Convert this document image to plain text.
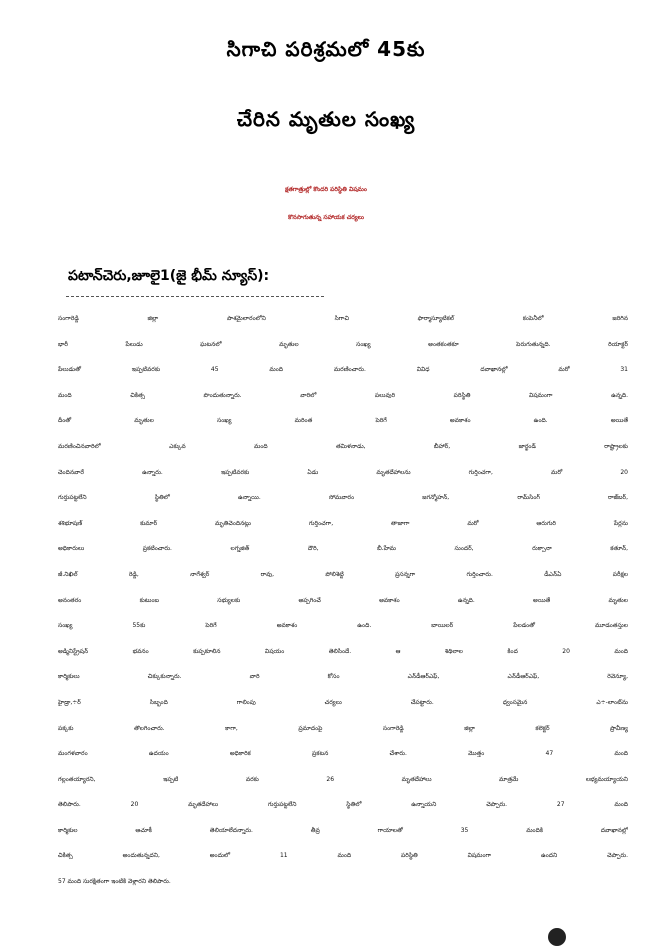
సిగాచి పరిశ్రమలో 45కు
చేరిన మృతుల సంఖ్య
క్షతగాత్రుల్లో కొందరి పరిస్థితి విషమం
కొనసాగుతున్న సహాయక చర్యలు
పటాన్‌చెరు,జూలై1(జై భీమ్ న్యూస్):
సంగారెడ్డి జిల్లా పాశమైలారంలోని సిగాచి ఫార్మాస్యూటికల్ కంపెనీలో జరిగిన
భారీ పేలుడు ఘటనలో మృతుల సంఖ్య అంతకంతకూ పెరుగుతున్నది. రియాక్టర్
పేలుడుతో ఇప్పటివరకు 45 మంది మరణించారు. వివిధ దవాఖానల్లో మరో 31
మంది చికిత్స పొందుతున్నారు. వారిలో పలువురి పరిస్థితి విషమంగా ఉన్నది.
దీంతో మృతుల సంఖ్య మరింత పెరిగే అవకాశం ఉంది. అయితే
మరణించినవారిలో ఎక్కువ మంది తమిళనాడు, బీహార్, జార్ఖండ్ రాష్ట్రాలకు
చెందినవారే ఉన్నారు. ఇప్పటివరకు ఏడు మృతదేహాలను గుర్తించగా, మరో 20
గుర్తుపట్టలేని స్థితిలో ఉన్నాయి. సోమవారం జగన్మోహన్, రామ్‌సింగ్ రాజ్‌బర్,
శశిభూషణ్ కుమార్ మృతిచెందినట్లు గుర్తించగా, తాజాగా మరో ఆరుగురి పేర్లను
అధికారులు ప్రకటించారు. లగ్నజిత్ దౌరి, బీ.హేమ సుందర్, రుక్సానా కతూన్,
జీ.నిఖిల్ రెడ్డి, నాగేశ్వర్ రావు, పోలిశెట్టి ప్రసన్నగా గుర్తించారు. డీఎన్ఏ పరీక్షల
అనంతరం కుటుంబ సభ్యులకు అప్పగించే అవకాశం ఉన్నది. అయితే మృతుల
సంఖ్య 55కు పెరిగే అవకాశం ఉంది. బాయిలర్ పేలడంతో మూడంతస్తుల
అడ్మినిస్ట్రేషన్ భవనం కుప్పకూలిన విషయం తెలిసిందే. ఆ శిథిలాల కింద 20 మంది
కార్మికులు చిక్కుకున్నారు. వారి కోసం ఎన్‌డీఆర్ఎఫ్, ఎన్‌డీఆర్ఎఫ్, రెవెన్యూ,
హైడ్రా,÷ర్ సిబ్బంది గాలింపు చర్యలు చేపట్టారు. ధ్వంసమైన ఎ÷-లాంట్‌ను
పక్కకు తొలగించారు. కాగా, ప్రమాదంపై సంగారెడ్డి జిల్లా కలెక్టర్ ప్రావీణ్య
మంగళవారం ఉదయం అధికారిక ప్రకటన చేశారు. మొత్తం 47 మంది
గల్లంతయ్యారని, ఇప్పటి వరకు 26 మృతదేహాలు మాత్రమే లభ్యమయ్యాయని
తెలిపారు. 20 మృతదేహాలు గుర్తుపట్టలేని స్థితిలో ఉన్నాయని చెప్పారు. 27 మంది
కార్మికుల ఆచూకీ తెలియాలేదన్నారు. తీవ్ర గాయాలతో 35 మందికి దవాఖానల్లో
చికిత్స అందుతున్నదని, అందులో 11 మంది పరిస్థితి విషమంగా ఉందని చెప్పారు.
57 మంది సురక్షితంగా ఇంటికి వెళ్లారని తెలిపారు.
